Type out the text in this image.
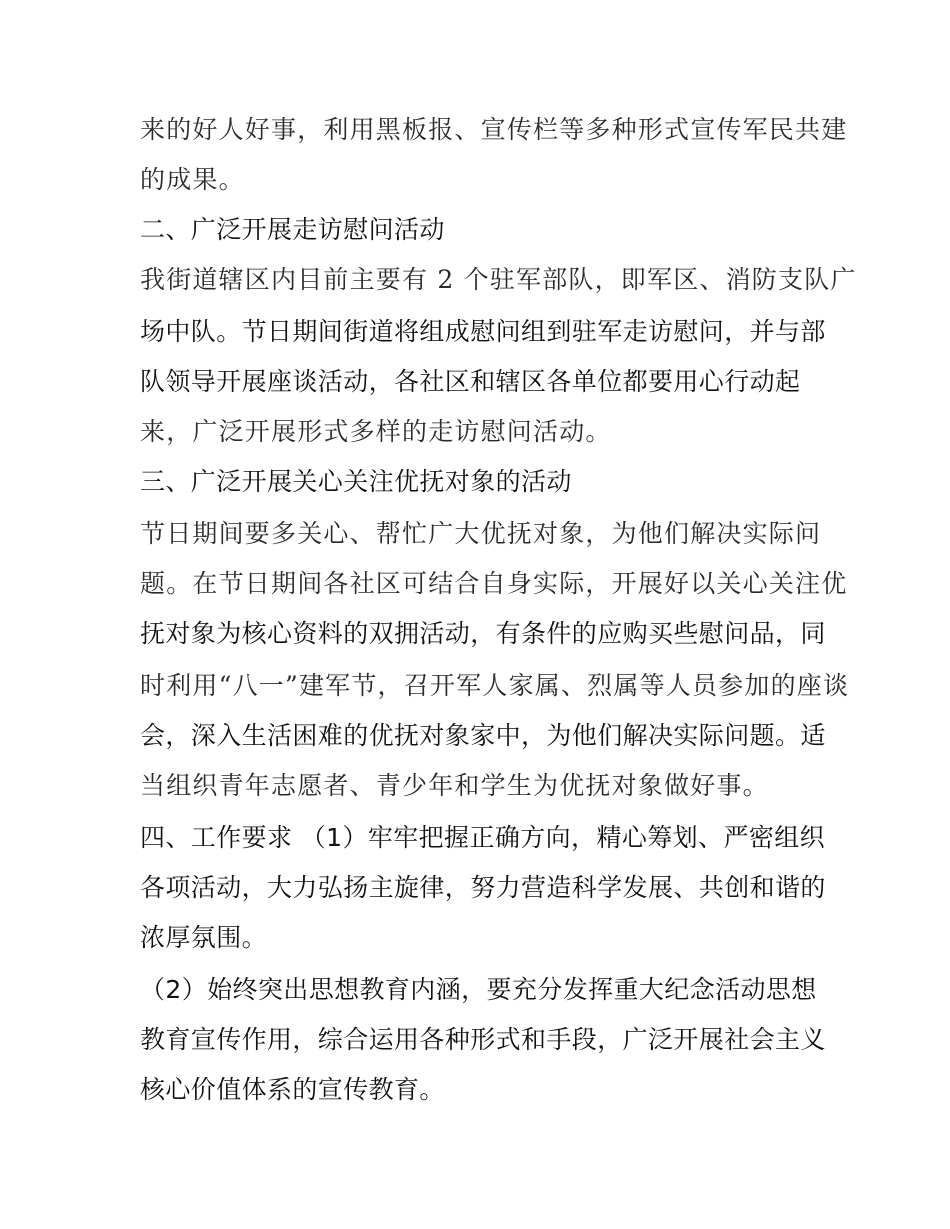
来的好人好事，利用黑板报、宣传栏等多种形式宣传军民共建
的成果。
二、广泛开展走访慰问活动
我街道辖区内目前主要有 2 个驻军部队，即军区、消防支队广
场中队。节日期间街道将组成慰问组到驻军走访慰问，并与部
队领导开展座谈活动，各社区和辖区各单位都要用心行动起
来，广泛开展形式多样的走访慰问活动。
三、广泛开展关心关注优抚对象的活动
节日期间要多关心、帮忙广大优抚对象，为他们解决实际问
题。在节日期间各社区可结合自身实际，开展好以关心关注优
抚对象为核心资料的双拥活动，有条件的应购买些慰问品，同
时利用“八一”建军节，召开军人家属、烈属等人员参加的座谈
会，深入生活困难的优抚对象家中，为他们解决实际问题。适
当组织青年志愿者、青少年和学生为优抚对象做好事。
四、工作要求 （1）牢牢把握正确方向，精心筹划、严密组织
各项活动，大力弘扬主旋律，努力营造科学发展、共创和谐的
浓厚氛围。
（2）始终突出思想教育内涵，要充分发挥重大纪念活动思想
教育宣传作用，综合运用各种形式和手段，广泛开展社会主义
核心价值体系的宣传教育。
